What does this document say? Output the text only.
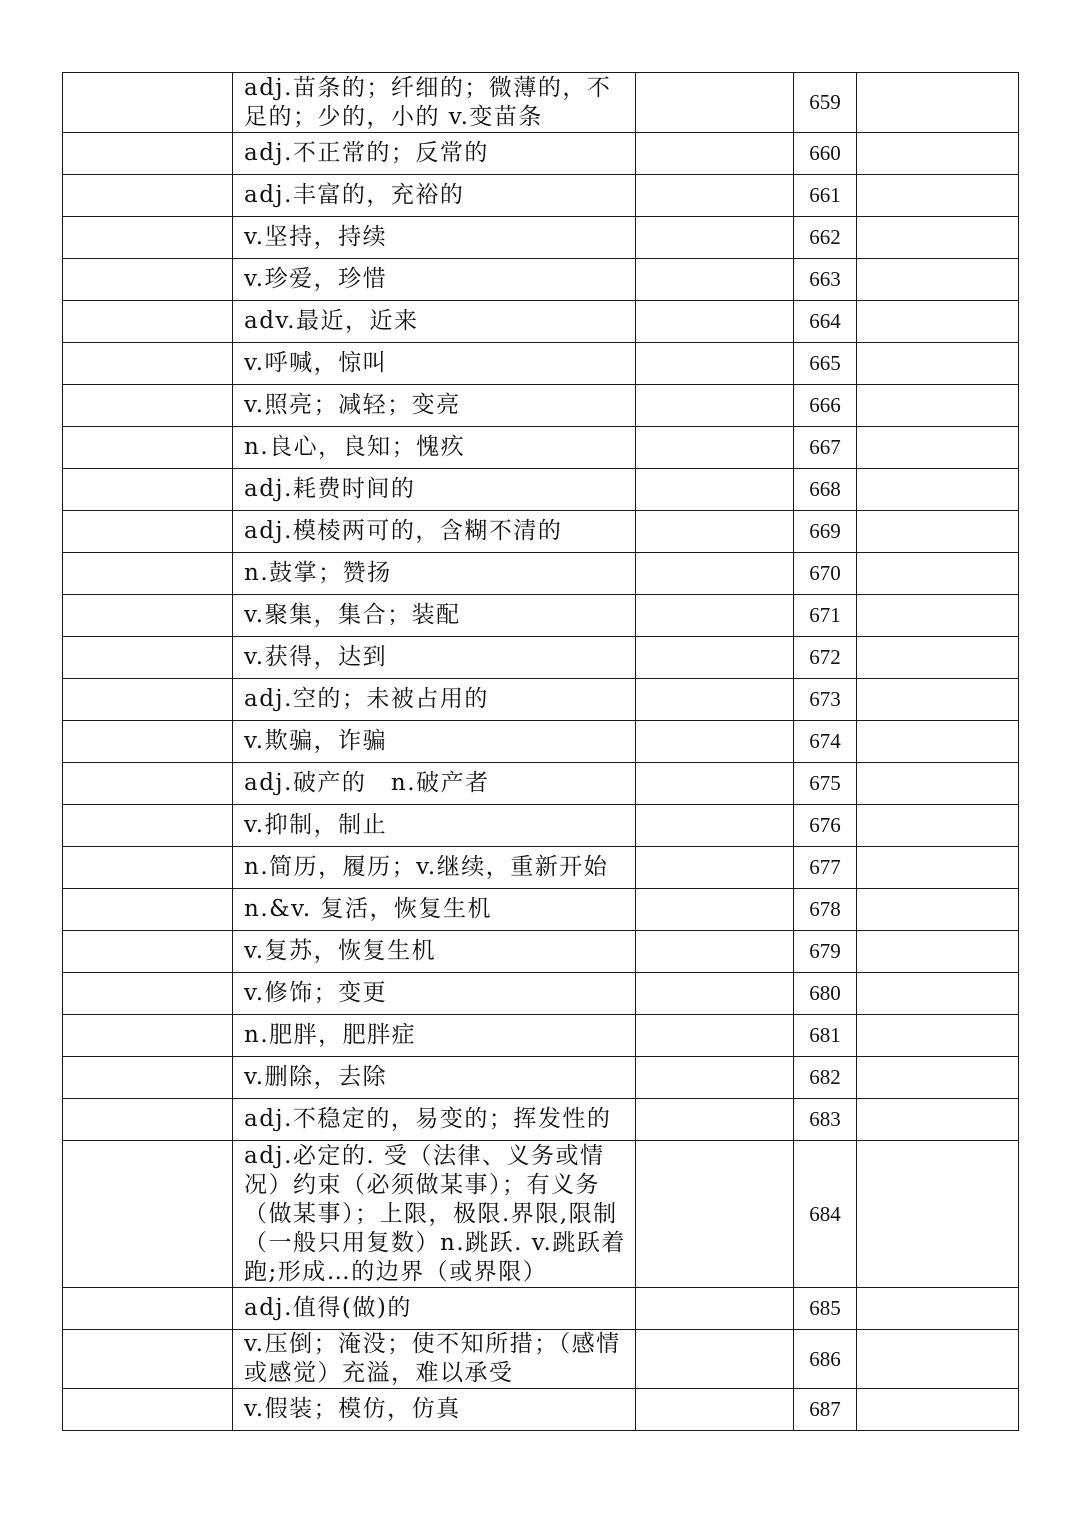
	adj.苗条的；纤细的；微薄的，不足的；少的，小的 v.变苗条		659	
	adj.不正常的；反常的		660	
	adj.丰富的，充裕的		661	
	v.坚持，持续		662	
	v.珍爱，珍惜		663	
	adv.最近，近来		664	
	v.呼喊，惊叫		665	
	v.照亮；减轻；变亮		666	
	n.良心，良知；愧疚		667	
	adj.耗费时间的		668	
	adj.模棱两可的，含糊不清的		669	
	n.鼓掌；赞扬		670	
	v.聚集，集合；装配		671	
	v.获得，达到		672	
	adj.空的；未被占用的		673	
	v.欺骗，诈骗		674	
	adj.破产的　n.破产者		675	
	v.抑制，制止		676	
	n.简历，履历；v.继续，重新开始		677	
	n.&v. 复活，恢复生机		678	
	v.复苏，恢复生机		679	
	v.修饰；变更		680	
	n.肥胖，肥胖症		681	
	v.删除，去除		682	
	adj.不稳定的，易变的；挥发性的		683	
	adj.必定的. 受（法律、义务或情况）约束（必须做某事）；有义务（做某事）；上限，极限.界限,限制（一般只用复数）n.跳跃. v.跳跃着跑;形成…的边界（或界限）		684	
	adj.值得(做)的		685	
	v.压倒；淹没；使不知所措；（感情或感觉）充溢，难以承受		686	
	v.假装；模仿，仿真		687	
